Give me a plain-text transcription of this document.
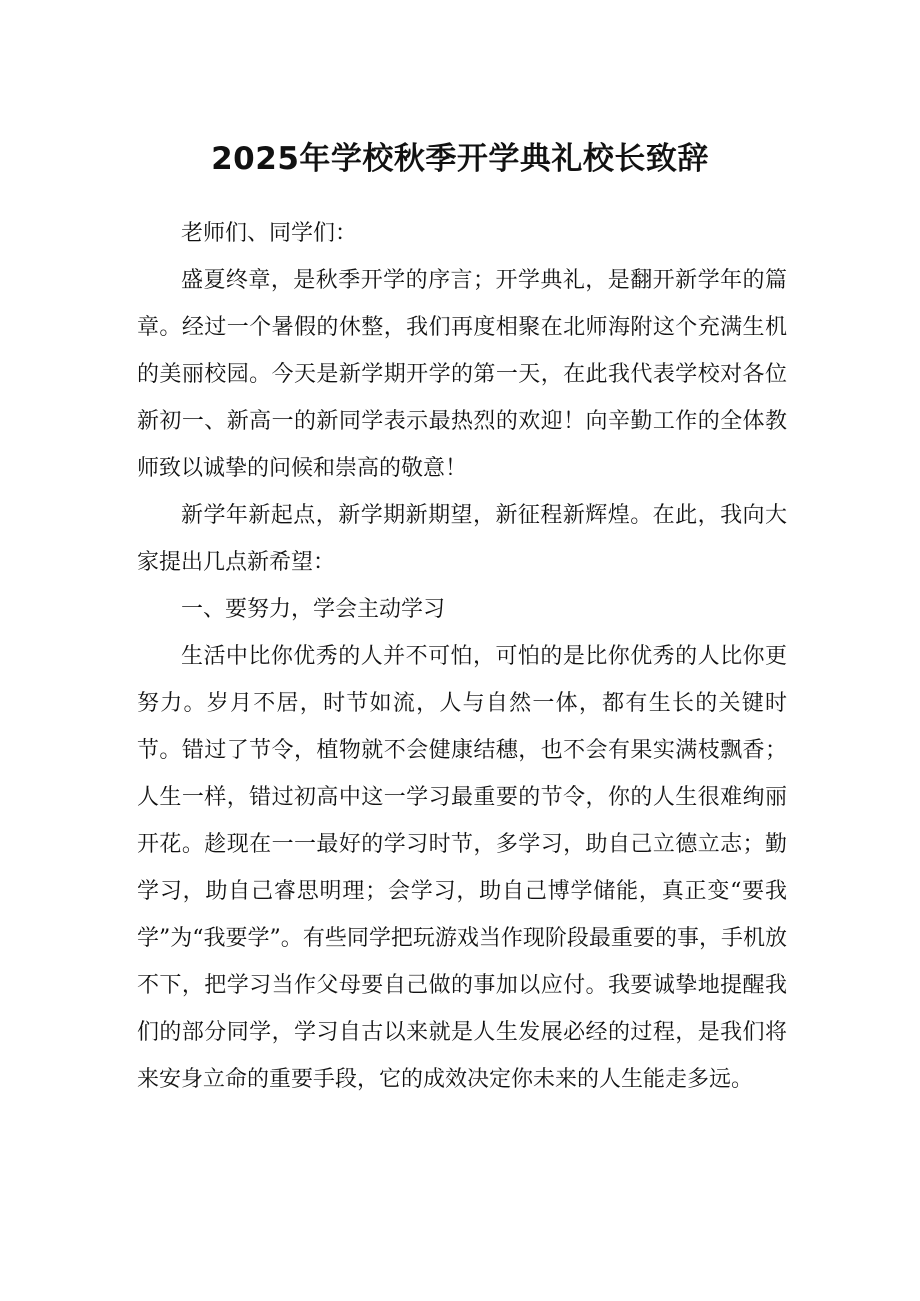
2025年学校秋季开学典礼校长致辞

老师们、同学们：

盛夏终章，是秋季开学的序言；开学典礼，是翻开新学年的篇章。经过一个暑假的休整，我们再度相聚在北师海附这个充满生机的美丽校园。今天是新学期开学的第一天，在此我代表学校对各位新初一、新高一的新同学表示最热烈的欢迎！向辛勤工作的全体教师致以诚挚的问候和崇高的敬意！

新学年新起点，新学期新期望，新征程新辉煌。在此，我向大家提出几点新希望：

一、要努力，学会主动学习

生活中比你优秀的人并不可怕，可怕的是比你优秀的人比你更努力。岁月不居，时节如流，人与自然一体，都有生长的关键时节。错过了节令，植物就不会健康结穗，也不会有果实满枝飘香；人生一样，错过初高中这一学习最重要的节令，你的人生很难绚丽开花。趁现在一一最好的学习时节，多学习，助自己立德立志；勤学习，助自己睿思明理；会学习，助自己博学储能，真正变“要我学”为“我要学”。有些同学把玩游戏当作现阶段最重要的事，手机放不下，把学习当作父母要自己做的事加以应付。我要诚挚地提醒我们的部分同学，学习自古以来就是人生发展必经的过程，是我们将来安身立命的重要手段，它的成效决定你未来的人生能走多远。
